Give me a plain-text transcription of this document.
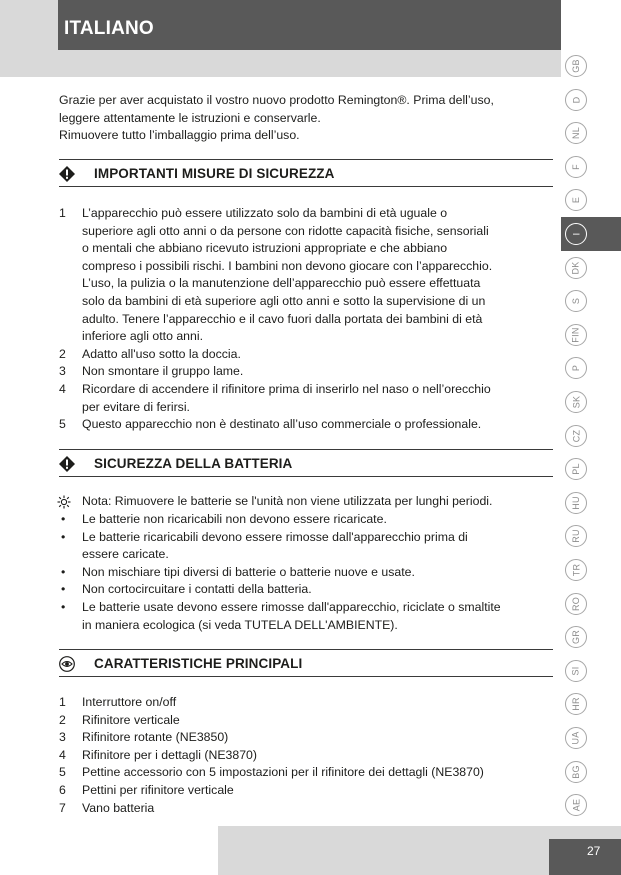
ITALIANO
GB
D
NL
F
E
I
DK
S
FIN
P
SK
CZ
PL
HU
RU
TR
RO
GR
SI
HR
UA
BG
AE

Grazie per aver acquistato il vostro nuovo prodotto Remington®. Prima dell’uso,

leggere attentamente le istruzioni e conservarle.

Rimuovere tutto l’imballaggio prima dell’uso.

IMPORTANTI MISURE DI SICUREZZA
1 L’apparecchio può essere utilizzato solo da bambini di età uguale o
superiore agli otto anni o da persone con ridotte capacità fisiche, sensoriali
o mentali che abbiano ricevuto istruzioni appropriate e che abbiano
compreso i possibili rischi. I bambini non devono giocare con l’apparecchio.
L’uso, la pulizia o la manutenzione dell’apparecchio può essere effettuata
solo da bambini di età superiore agli otto anni e sotto la supervisione di un
adulto. Tenere l’apparecchio e il cavo fuori dalla portata dei bambini di età
inferiore agli otto anni.
2 Adatto all'uso sotto la doccia.
3 Non smontare il gruppo lame.
4 Ricordare di accendere il rifinitore prima di inserirlo nel naso o nell’orecchio
per evitare di ferirsi.
5 Questo apparecchio non è destinato all’uso commerciale o professionale.
SICUREZZA DELLA BATTERIA
Nota: Rimuovere le batterie se l'unità non viene utilizzata per lunghi periodi.
• Le batterie non ricaricabili non devono essere ricaricate.
• Le batterie ricaricabili devono essere rimosse dall'apparecchio prima di
essere caricate.
• Non mischiare tipi diversi di batterie o batterie nuove e usate.
• Non cortocircuitare i contatti della batteria.
• Le batterie usate devono essere rimosse dall'apparecchio, riciclate o smaltite
in maniera ecologica (si veda TUTELA DELL'AMBIENTE).
CARATTERISTICHE PRINCIPALI
1 Interruttore on/off
2 Rifinitore verticale
3 Rifinitore rotante (NE3850)
4 Rifinitore per i dettagli (NE3870)
5 Pettine accessorio con 5 impostazioni per il rifinitore dei dettagli (NE3870)
6 Pettini per rifinitore verticale
7 Vano batteria
27
